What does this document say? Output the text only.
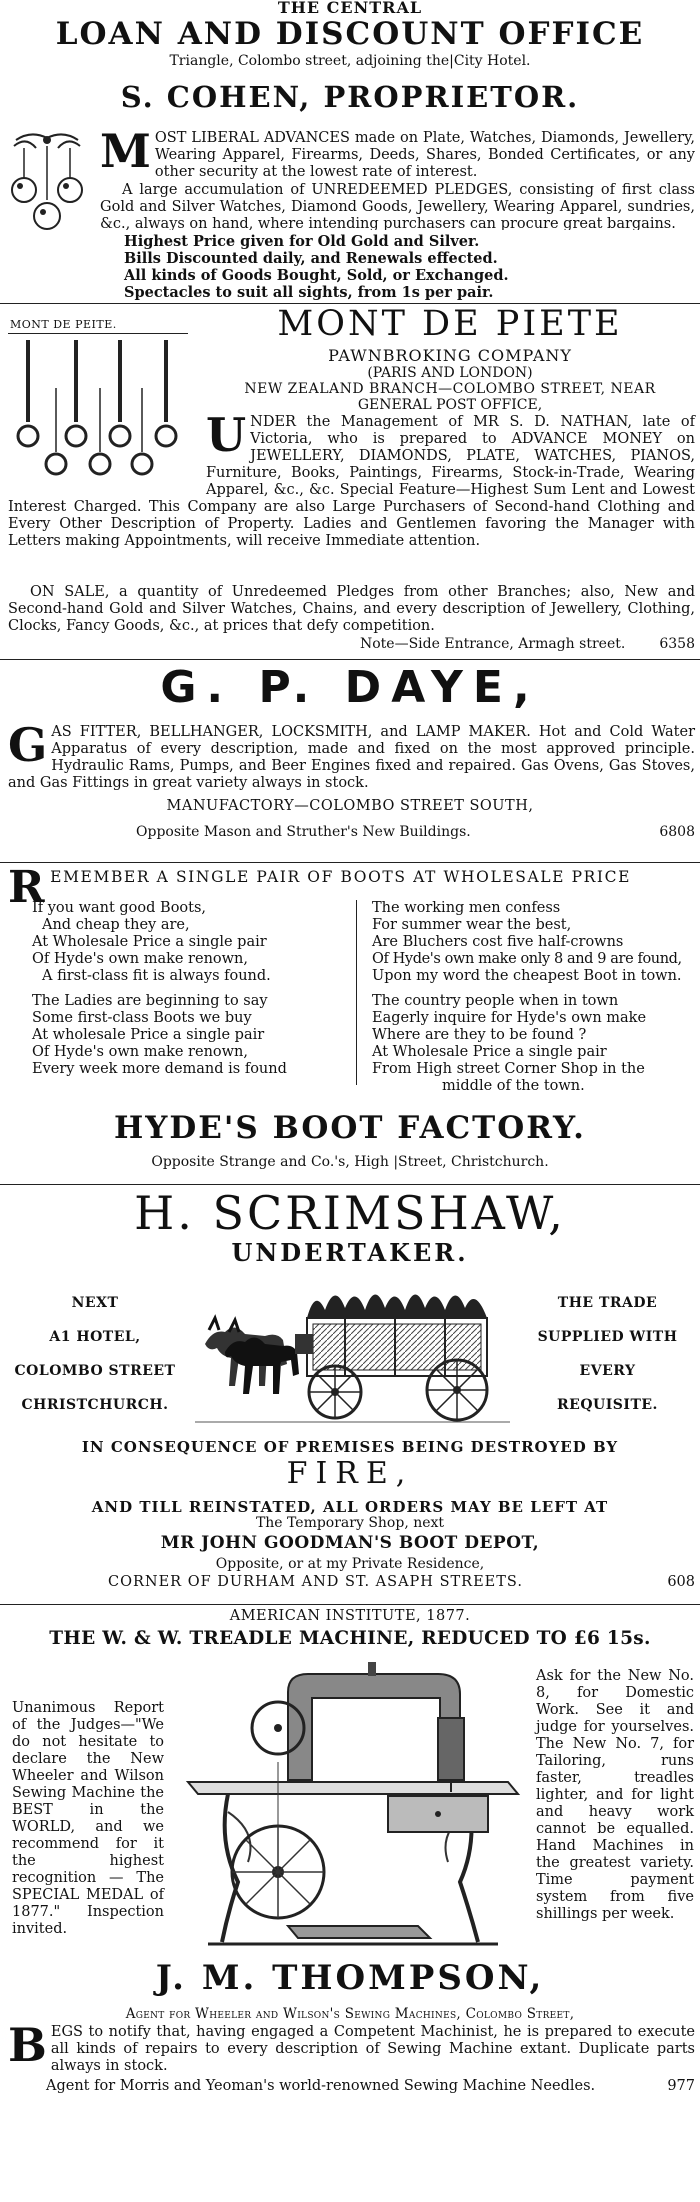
THE CENTRAL
LOAN AND DISCOUNT OFFICE
Triangle, Colombo street, adjoining the|City Hotel.
S. COHEN, PROPRIETOR.
MOST LIBERAL ADVANCES made on Plate, Watches, Diamonds, Jewellery, Wearing Apparel, Firearms, Deeds, Shares, Bonded Certificates, or any other security at the lowest rate of interest.
A large accumulation of UNREDEEMED PLEDGES, consisting of first class Gold and Silver Watches, Diamond Goods, Jewellery, Wearing Apparel, sundries, &c., always on hand, where intending purchasers can procure great bargains.
Highest Price given for Old Gold and Silver.
Bills Discounted daily, and Renewals effected.
All kinds of Goods Bought, Sold, or Exchanged.
Spectacles to suit all sights, from 1s per pair.
MONT DE PEITE.	MONT DE PIETE
PAWNBROKING COMPANY
(PARIS AND LONDON)
NEW ZEALAND BRANCH—COLOMBO STREET, NEAR
GENERAL POST OFFICE,
UNDER the Management of MR S. D. NATHAN, late of Victoria, who is prepared to ADVANCE MONEY on JEWELLERY, DIAMONDS, PLATE, WATCHES, PIANOS, Furniture, Books, Paintings, Firearms, Stock-in-Trade, Wearing Apparel, &c., &c. Special Feature—Highest Sum Lent and Lowest Interest Charged. This Company are also Large Purchasers of Second-hand Clothing and Every Other Description of Property. Ladies and Gentlemen favoring the Manager with Letters making Appointments, will receive Immediate attention.
ON SALE, a quantity of Unredeemed Pledges from other Branches; also, New and Second-hand Gold and Silver Watches, Chains, and every description of Jewellery, Clothing, Clocks, Fancy Goods, &c., at prices that defy competition.
Note—Side Entrance, Armagh street. 6358
G. P. DAYE,
GAS FITTER, BELLHANGER, LOCKSMITH, and LAMP MAKER. Hot and Cold Water Apparatus of every description, made and fixed on the most approved principle. Hydraulic Rams, Pumps, and Beer Engines fixed and repaired. Gas Ovens, Gas Stoves, and Gas Fittings in great variety always in stock.
MANUFACTORY—COLOMBO STREET SOUTH,
Opposite Mason and Struther's New Buildings.	6808
REMEMBER A SINGLE PAIR OF BOOTS AT WHOLESALE PRICE
If you want good Boots,
And cheap they are,
At Wholesale Price a single pair
Of Hyde's own make renown,
A first-class fit is always found.
The Ladies are beginning to say
Some first-class Boots we buy
At wholesale Price a single pair
Of Hyde's own make renown,
Every week more demand is found
The working men confess
For summer wear the best,
Are Bluchers cost five half-crowns
Of Hyde's own make only 8 and 9 are found,
Upon my word the cheapest Boot in town.
The country people when in town
Eagerly inquire for Hyde's own make
Where are they to be found ?
At Wholesale Price a single pair
From High street Corner Shop in the
middle of the town.
HYDE'S BOOT FACTORY.
Opposite Strange and Co.'s, High |Street, Christchurch.
H. SCRIMSHAW,
UNDERTAKER.
NEXT
A1 HOTEL,
COLOMBO STREET
CHRISTCHURCH.
THE TRADE
SUPPLIED WITH
EVERY
REQUISITE.
IN CONSEQUENCE OF PREMISES BEING DESTROYED BY
FIRE,
AND TILL REINSTATED, ALL ORDERS MAY BE LEFT AT
The Temporary Shop, next
MR JOHN GOODMAN'S BOOT DEPOT,
Opposite, or at my Private Residence,
CORNER OF DURHAM AND ST. ASAPH STREETS.	608
AMERICAN INSTITUTE, 1877.
THE W. & W. TREADLE MACHINE, REDUCED TO £6 15s.
Unanimous Report of the Judges—"We do not hesitate to declare the New Wheeler and Wilson Sewing Machine the BEST in the WORLD, and we recommend for it the highest recognition — The SPECIAL MEDAL of 1877." Inspection invited.
Ask for the New No. 8, for Domestic Work. See it and judge for yourselves. The New No. 7, for Tailoring, runs faster, treadles lighter, and for light and heavy work cannot be equalled. Hand Machines in the greatest variety. Time payment system from five shillings per week.
J. M. THOMPSON,
Agent for Wheeler and Wilson's Sewing Machines, Colombo Street,
BEGS to notify that, having engaged a Competent Machinist, he is prepared to execute all kinds of repairs to every description of Sewing Machine extant. Duplicate parts always in stock.
Agent for Morris and Yeoman's world-renowned Sewing Machine Needles.	977
